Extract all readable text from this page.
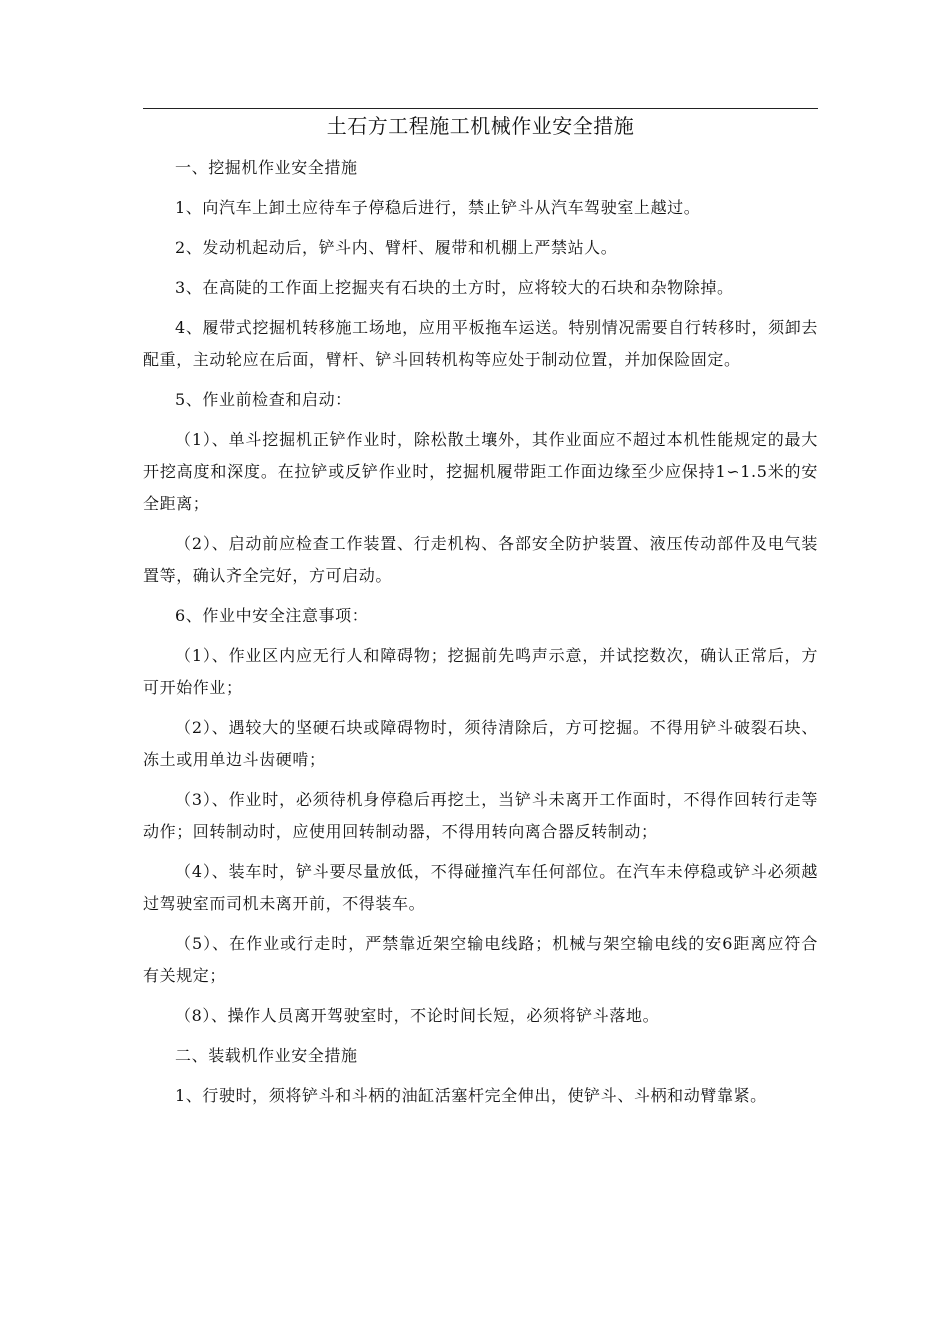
土石方工程施工机械作业安全措施

一、挖掘机作业安全措施

1、向汽车上卸土应待车子停稳后进行，禁止铲斗从汽车驾驶室上越过。

2、发动机起动后，铲斗内、臂杆、履带和机棚上严禁站人。

3、在高陡的工作面上挖掘夹有石块的土方时，应将较大的石块和杂物除掉。

4、履带式挖掘机转移施工场地，应用平板拖车运送。特别情况需要自行转移时，须卸去配重，主动轮应在后面，臂杆、铲斗回转机构等应处于制动位置，并加保险固定。

5、作业前检查和启动：

（1）、单斗挖掘机正铲作业时，除松散土壤外，其作业面应不超过本机性能规定的最大开挖高度和深度。在拉铲或反铲作业时，挖掘机履带距工作面边缘至少应保持1∽1.5米的安全距离；

（2）、启动前应检查工作装置、行走机构、各部安全防护装置、液压传动部件及电气装置等，确认齐全完好，方可启动。

6、作业中安全注意事项：

（1）、作业区内应无行人和障碍物；挖掘前先鸣声示意，并试挖数次，确认正常后，方可开始作业；

（2）、遇较大的坚硬石块或障碍物时，须待清除后，方可挖掘。不得用铲斗破裂石块、冻土或用单边斗齿硬啃；

（3）、作业时，必须待机身停稳后再挖土，当铲斗未离开工作面时，不得作回转行走等动作；回转制动时，应使用回转制动器，不得用转向离合器反转制动；

（4）、装车时，铲斗要尽量放低，不得碰撞汽车任何部位。在汽车未停稳或铲斗必须越过驾驶室而司机未离开前，不得装车。

（5）、在作业或行走时，严禁靠近架空输电线路；机械与架空输电线的安6距离应符合有关规定；

（8）、操作人员离开驾驶室时，不论时间长短，必须将铲斗落地。

二、装载机作业安全措施

1、行驶时，须将铲斗和斗柄的油缸活塞杆完全伸出，使铲斗、斗柄和动臂靠紧。
